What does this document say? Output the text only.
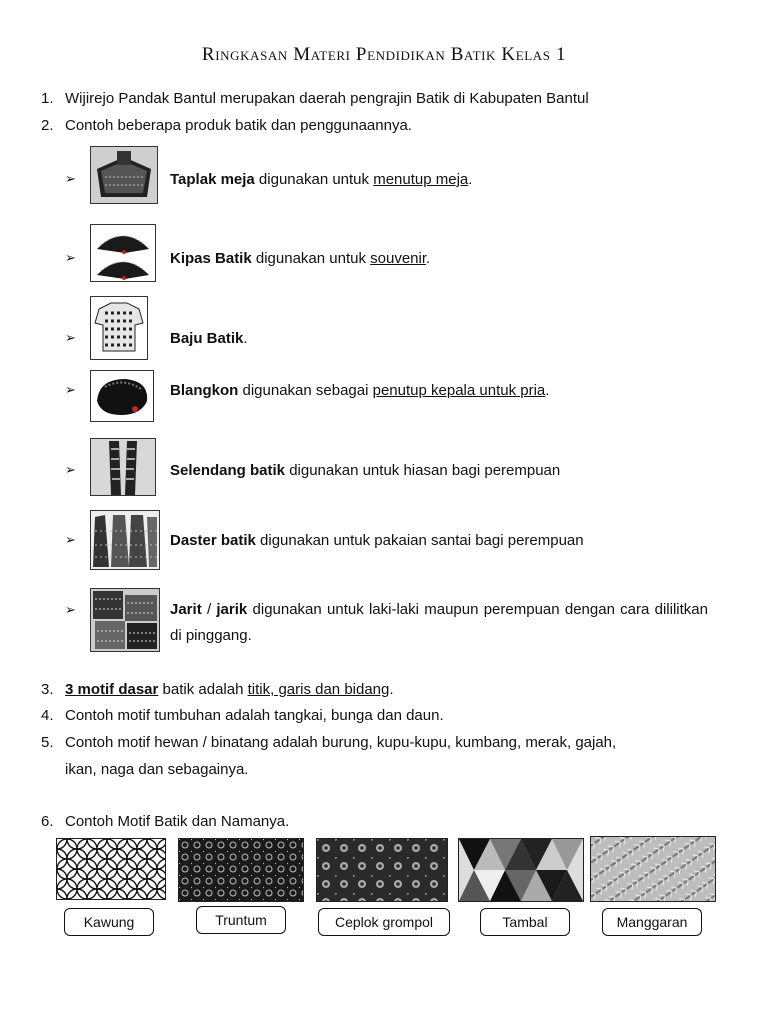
Ringkasan Materi Pendidikan Batik Kelas 1
1. Wijirejo Pandak Bantul merupakan daerah pengrajin Batik di Kabupaten Bantul
2. Contoh beberapa produk batik dan penggunaannya.
➢	Taplak meja digunakan untuk menutup meja.
➢	Kipas Batik digunakan untuk souvenir.
➢	Baju Batik.
➢	Blangkon digunakan sebagai penutup kepala untuk pria.
➢	Selendang batik digunakan untuk hiasan bagi perempuan
➢	Daster batik digunakan untuk pakaian santai bagi perempuan
➢	Jarit / jarik digunakan untuk laki-laki maupun perempuan dengan cara dililitkan di pinggang.
3. 3 motif dasar batik adalah titik, garis dan bidang.
4. Contoh motif tumbuhan adalah tangkai, bunga dan daun.
5. Contoh motif hewan / binatang adalah burung, kupu-kupu, kumbang, merak, gajah,
ikan, naga dan sebagainya.
6. Contoh Motif Batik dan Namanya.
Kawung	Truntum	Ceplok grompol	Tambal	Manggaran
